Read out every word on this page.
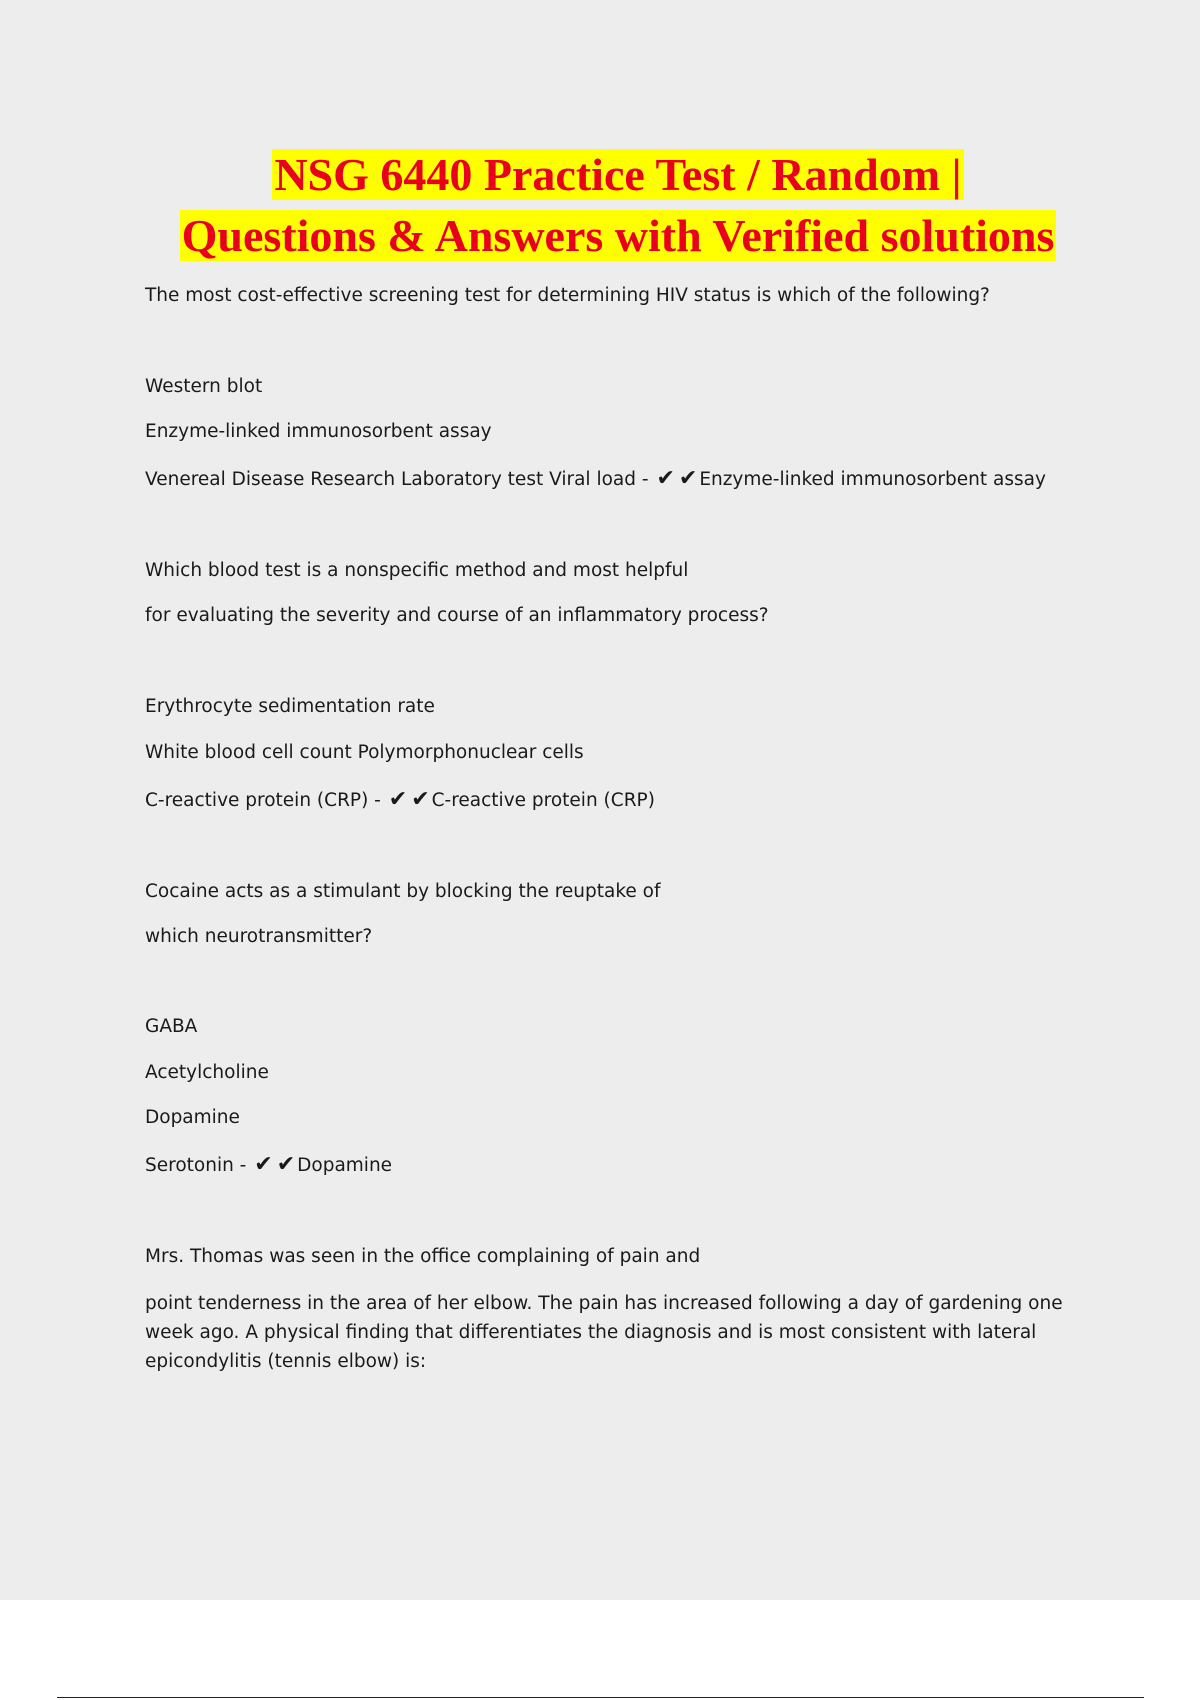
NSG 6440 Practice Test / Random |
Questions & Answers with Verified solutions
The most cost-effective screening test for determining HIV status is which of the following?
Western blot
Enzyme-linked immunosorbent assay
Venereal Disease Research Laboratory test Viral load - ✔ ✔ Enzyme-linked immunosorbent assay
Which blood test is a nonspecific method and most helpful
for evaluating the severity and course of an inflammatory process?
Erythrocyte sedimentation rate
White blood cell count Polymorphonuclear cells
C-reactive protein (CRP) - ✔ ✔ C-reactive protein (CRP)
Cocaine acts as a stimulant by blocking the reuptake of
which neurotransmitter?
GABA
Acetylcholine
Dopamine
Serotonin - ✔ ✔ Dopamine
Mrs. Thomas was seen in the office complaining of pain and
point tenderness in the area of her elbow. The pain has increased following a day of gardening one week ago. A physical finding that differentiates the diagnosis and is most consistent with lateral epicondylitis (tennis elbow) is:
